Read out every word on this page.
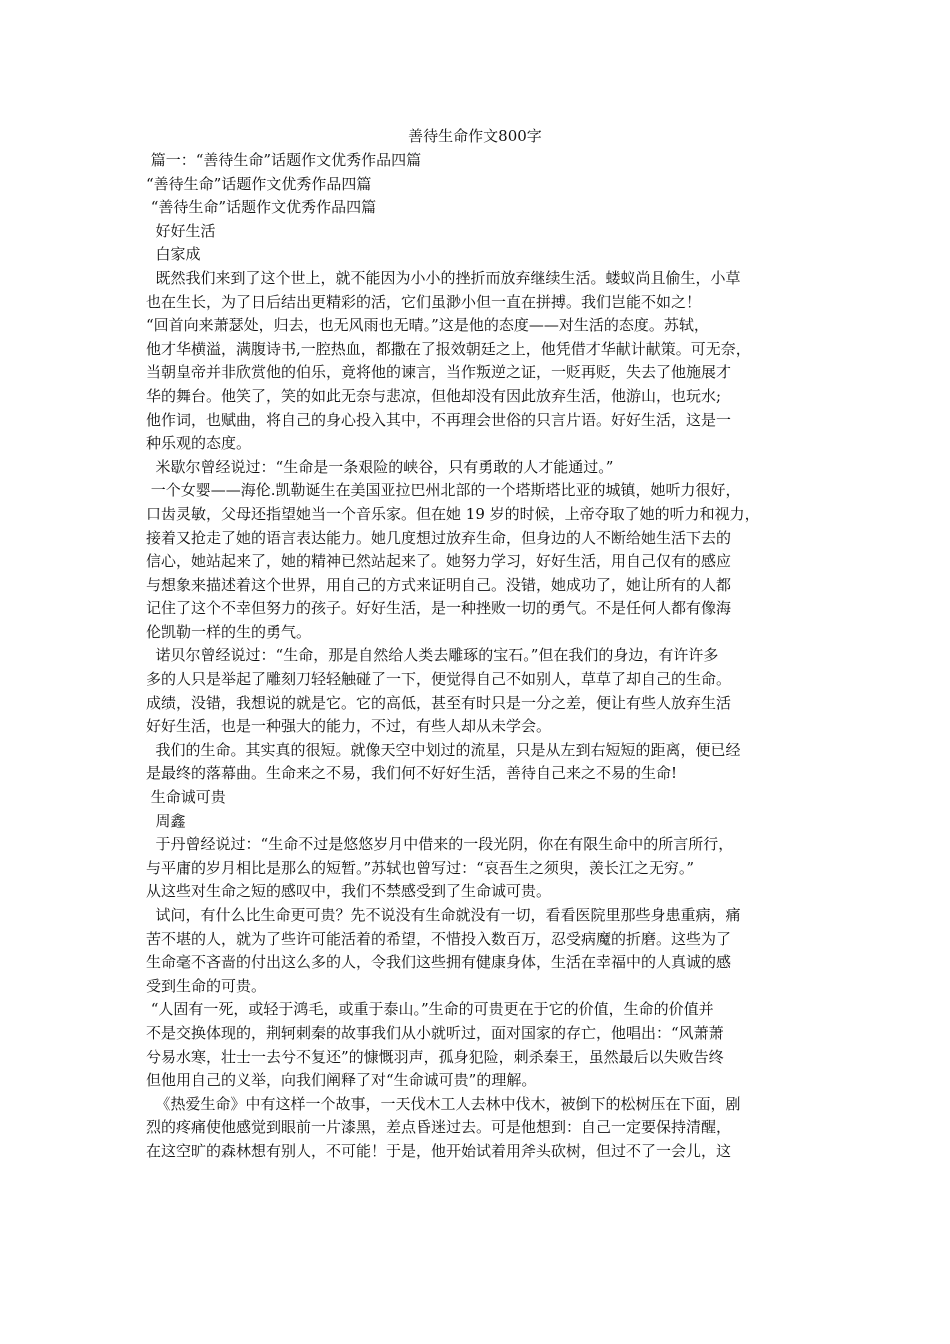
善待生命作文800字
篇一：“善待生命”话题作文优秀作品四篇
“善待生命”话题作文优秀作品四篇
“善待生命”话题作文优秀作品四篇
好好生活
白家成
既然我们来到了这个世上，就不能因为小小的挫折而放弃继续生活。蝼蚁尚且偷生，小草
也在生长，为了日后结出更精彩的活，它们虽渺小但一直在拼搏。我们岂能不如之！
“回首向来萧瑟处，归去，也无风雨也无晴。”这是他的态度——对生活的态度。苏轼，
他才华横溢，满腹诗书,一腔热血，都撒在了报效朝廷之上，他凭借才华献计献策。可无奈，
当朝皇帝并非欣赏他的伯乐，竟将他的谏言，当作叛逆之证，一贬再贬，失去了他施展才
华的舞台。他笑了，笑的如此无奈与悲凉，但他却没有因此放弃生活，他游山，也玩水;
他作词，也赋曲，将自己的身心投入其中，不再理会世俗的只言片语。好好生活，这是一
种乐观的态度。
米歇尔曾经说过：“生命是一条艰险的峡谷，只有勇敢的人才能通过。”
一个女婴——海伦.凯勒诞生在美国亚拉巴州北部的一个塔斯塔比亚的城镇，她听力很好，
口齿灵敏，父母还指望她当一个音乐家。但在她 19 岁的时候，上帝夺取了她的听力和视力，
接着又抢走了她的语言表达能力。她几度想过放弃生命，但身边的人不断给她生活下去的
信心，她站起来了，她的精神已然站起来了。她努力学习，好好生活，用自己仅有的感应
与想象来描述着这个世界，用自己的方式来证明自己。没错，她成功了，她让所有的人都
记住了这个不幸但努力的孩子。好好生活，是一种挫败一切的勇气。不是任何人都有像海
伦凯勒一样的生的勇气。
诺贝尔曾经说过：“生命，那是自然给人类去雕琢的宝石。”但在我们的身边，有许许多
多的人只是举起了雕刻刀轻轻触碰了一下，便觉得自己不如别人，草草了却自己的生命。
成绩，没错，我想说的就是它。它的高低，甚至有时只是一分之差，便让有些人放弃生活
好好生活，也是一种强大的能力，不过，有些人却从未学会。
我们的生命。其实真的很短。就像天空中划过的流星，只是从左到右短短的距离，便已经
是最终的落幕曲。生命来之不易，我们何不好好生活，善待自己来之不易的生命!
生命诚可贵
周鑫
于丹曾经说过：“生命不过是悠悠岁月中借来的一段光阴，你在有限生命中的所言所行，
与平庸的岁月相比是那么的短暂。”苏轼也曾写过：“哀吾生之须臾，羡长江之无穷。”
从这些对生命之短的感叹中，我们不禁感受到了生命诚可贵。
试问，有什么比生命更可贵？先不说没有生命就没有一切，看看医院里那些身患重病，痛
苦不堪的人，就为了些许可能活着的希望，不惜投入数百万，忍受病魔的折磨。这些为了
生命毫不吝啬的付出这么多的人，令我们这些拥有健康身体，生活在幸福中的人真诚的感
受到生命的可贵。
“人固有一死，或轻于鸿毛，或重于泰山。”生命的可贵更在于它的价值，生命的价值并
不是交换体现的，荆轲刺秦的故事我们从小就听过，面对国家的存亡，他唱出：“风萧萧
兮易水寒，壮士一去兮不复还”的慷慨羽声，孤身犯险，刺杀秦王，虽然最后以失败告终
但他用自己的义举，向我们阐释了对“生命诚可贵”的理解。
《热爱生命》中有这样一个故事，一天伐木工人去林中伐木，被倒下的松树压在下面，剧
烈的疼痛使他感觉到眼前一片漆黑，差点昏迷过去。可是他想到：自己一定要保持清醒，
在这空旷的森林想有别人，不可能！于是，他开始试着用斧头砍树，但过不了一会儿，这
